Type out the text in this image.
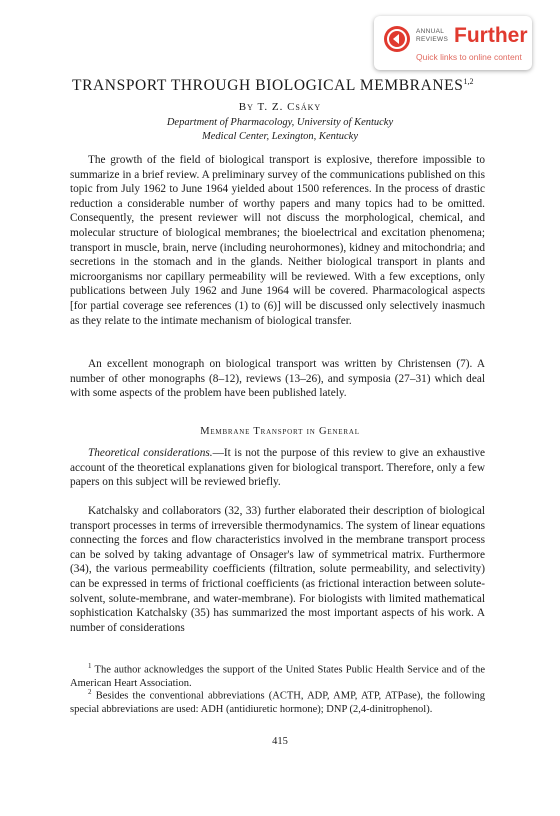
ANNUAL REVIEWS Further
Quick links to online content
TRANSPORT THROUGH BIOLOGICAL MEMBRANES$^{1,2}$
By T. Z. Csáky
Department of Pharmacology, University of Kentucky
Medical Center, Lexington, Kentucky

The growth of the field of biological transport is explosive, therefore impossible to summarize in a brief review. A preliminary survey of the communications published on this topic from July 1962 to June 1964 yielded about 1500 references. In the process of drastic reduction a considerable number of worthy papers and many topics had to be omitted. Consequently, the present reviewer will not discuss the morphological, chemical, and molecular structure of biological membranes; the bioelectrical and excitation phenomena; transport in muscle, brain, nerve (including neurohormones), kidney and mitochondria; and secretions in the stomach and in the glands. Neither biological transport in plants and microorganisms nor capillary permeability will be reviewed. With a few exceptions, only publications between July 1962 and June 1964 will be covered. Pharmacological aspects [for partial coverage see references (1) to (6)] will be discussed only selectively inasmuch as they relate to the intimate mechanism of biological transfer.

An excellent monograph on biological transport was written by Christensen (7). A number of other monographs (8–12), reviews (13–26), and symposia (27–31) which deal with some aspects of the problem have been published lately.

Membrane Transport in General

Theoretical considerations.—It is not the purpose of this review to give an exhaustive account of the theoretical explanations given for biological transport. Therefore, only a few papers on this subject will be reviewed briefly.

Katchalsky and collaborators (32, 33) further elaborated their description of biological transport processes in terms of irreversible thermodynamics. The system of linear equations connecting the forces and flow characteristics involved in the membrane transport process can be solved by taking advantage of Onsager's law of symmetrical matrix. Furthermore (34), the various permeability coefficients (filtration, solute permeability, and selectivity) can be expressed in terms of frictional coefficients (as frictional interaction between solute-solvent, solute-membrane, and water-membrane). For biologists with limited mathematical sophistication Katchalsky (35) has summarized the most important aspects of his work. A number of considerations

$^1$ The author acknowledges the support of the United States Public Health Service and of the American Heart Association.

$^2$ Besides the conventional abbreviations (ACTH, ADP, AMP, ATP, ATPase), the following special abbreviations are used: ADH (antidiuretic hormone); DNP (2,4-dinitrophenol).

415
